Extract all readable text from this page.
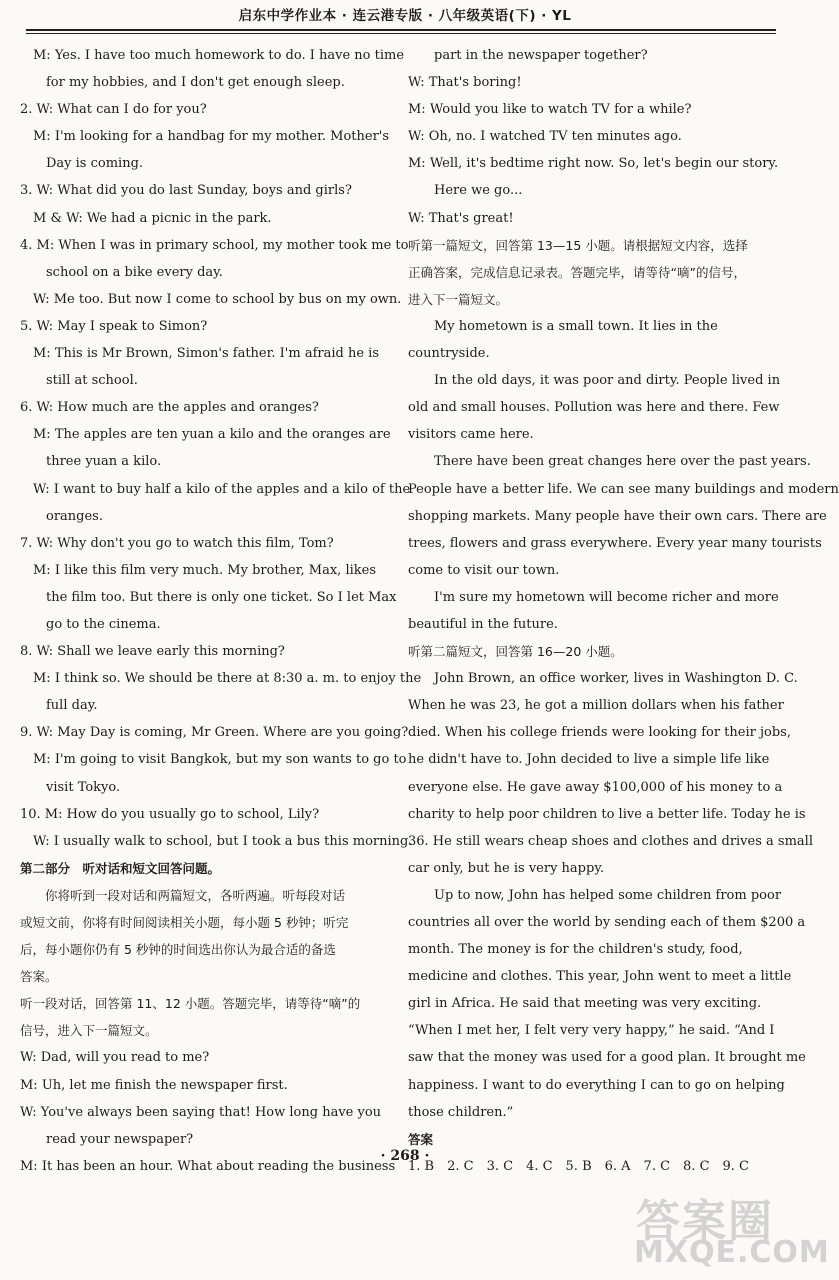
启东中学作业本 · 连云港专版 · 八年级英语(下) · YL
　M: Yes. I have too much homework to do. I have no time
　　for my hobbies, and I don't get enough sleep.
2. W: What can I do for you?
　M: I'm looking for a handbag for my mother. Mother's
　　Day is coming.
3. W: What did you do last Sunday, boys and girls?
　M & W: We had a picnic in the park.
4. M: When I was in primary school, my mother took me to
　　school on a bike every day.
　W: Me too. But now I come to school by bus on my own.
5. W: May I speak to Simon?
　M: This is Mr Brown, Simon's father. I'm afraid he is
　　still at school.
6. W: How much are the apples and oranges?
　M: The apples are ten yuan a kilo and the oranges are
　　three yuan a kilo.
　W: I want to buy half a kilo of the apples and a kilo of the
　　oranges.
7. W: Why don't you go to watch this film, Tom?
　M: I like this film very much. My brother, Max, likes
　　the film too. But there is only one ticket. So I let Max
　　go to the cinema.
8. W: Shall we leave early this morning?
　M: I think so. We should be there at 8:30 a. m. to enjoy the
　　full day.
9. W: May Day is coming, Mr Green. Where are you going?
　M: I'm going to visit Bangkok, but my son wants to go to
　　visit Tokyo.
10. M: How do you usually go to school, Lily?
　W: I usually walk to school, but I took a bus this morning.
第二部分　听对话和短文回答问题。
　　你将听到一段对话和两篇短文，各听两遍。听每段对话
或短文前，你将有时间阅读相关小题，每小题 5 秒钟；听完
后，每小题你仍有 5 秒钟的时间选出你认为最合适的备选
答案。
听一段对话，回答第 11、12 小题。答题完毕，请等待“嘀”的
信号，进入下一篇短文。
W: Dad, will you read to me?
M: Uh, let me finish the newspaper first.
W: You've always been saying that! How long have you
　　read your newspaper?
M: It has been an hour. What about reading the business
　　part in the newspaper together?
W: That's boring!
M: Would you like to watch TV for a while?
W: Oh, no. I watched TV ten minutes ago.
M: Well, it's bedtime right now. So, let's begin our story.
　　Here we go...
W: That's great!
听第一篇短文，回答第 13—15 小题。请根据短文内容，选择
正确答案，完成信息记录表。答题完毕，请等待“嘀”的信号，
进入下一篇短文。
　　My hometown is a small town. It lies in the
countryside.
　　In the old days, it was poor and dirty. People lived in
old and small houses. Pollution was here and there. Few
visitors came here.
　　There have been great changes here over the past years.
People have a better life. We can see many buildings and modern
shopping markets. Many people have their own cars. There are
trees, flowers and grass everywhere. Every year many tourists
come to visit our town.
　　I'm sure my hometown will become richer and more
beautiful in the future.
听第二篇短文，回答第 16—20 小题。
　　John Brown, an office worker, lives in Washington D. C.
When he was 23, he got a million dollars when his father
died. When his college friends were looking for their jobs,
he didn't have to. John decided to live a simple life like
everyone else. He gave away $100,000 of his money to a
charity to help poor children to live a better life. Today he is
36. He still wears cheap shoes and clothes and drives a small
car only, but he is very happy.
　　Up to now, John has helped some children from poor
countries all over the world by sending each of them $200 a
month. The money is for the children's study, food,
medicine and clothes. This year, John went to meet a little
girl in Africa. He said that meeting was very exciting.
“When I met her, I felt very very happy,” he said. “And I
saw that the money was used for a good plan. It brought me
happiness. I want to do everything I can to go on helping
those children.”
答案
1. B　2. C　3. C　4. C　5. B　6. A　7. C　8. C　9. C
· 268 ·
答案圈
MXQE.COM
